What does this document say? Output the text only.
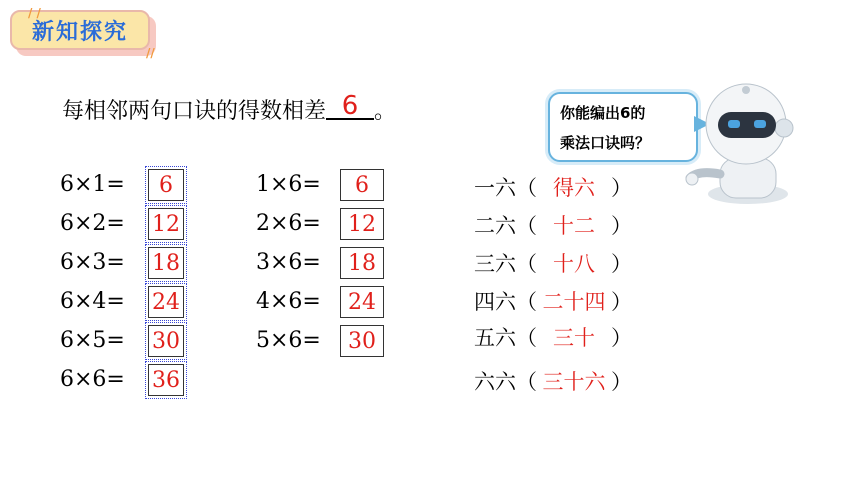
新知探究
/ /
//
每相邻两句口诀的得数相差 6 。
6×1=	6
6×2= 12
6×3= 18
6×4= 24
6×5= 30
6×6= 36
1×6=	6
2×6=	12
3×6=	18
4×6=	24
5×6=	30
一六（ 得六 ）
二六（ 十二 ）
三六（ 十八 ）
四六（ 二十四 ）
五六（ 三十 ）
六六（ 三十六 ）
你能编出6的
乘法口诀吗？
